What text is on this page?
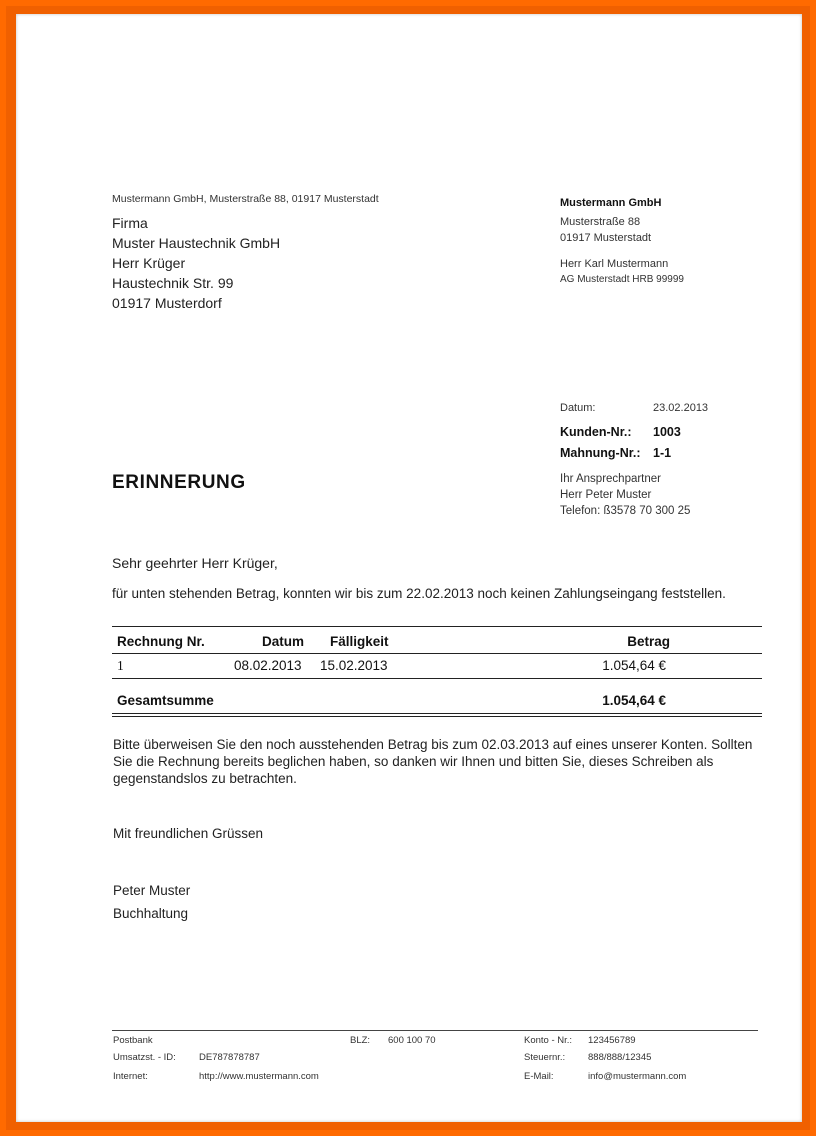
Mustermann GmbH, Musterstraße 88, 01917 Musterstadt
Firma
Muster Haustechnik GmbH
Herr Krüger
Haustechnik Str. 99
01917 Musterdorf
Mustermann GmbH
Musterstraße 88
01917 Musterstadt
Herr Karl Mustermann
AG Musterstadt HRB 99999
Datum:	23.02.2013
Kunden-Nr.: 1003
Mahnung-Nr.: 1-1
Ihr Ansprechpartner
Herr Peter Muster
Telefon: ß3578 70 300 25
ERINNERUNG
Sehr geehrter Herr Krüger,
für unten stehenden Betrag, konnten wir bis zum 22.02.2013 noch keinen Zahlungseingang feststellen.
Rechnung Nr.	Datum Fälligkeit	Betrag
1	08.02.2013 15.02.2013	1.054,64 €
Gesamtsumme	1.054,64 €
Bitte überweisen Sie den noch ausstehenden Betrag bis zum 02.03.2013 auf eines unserer Konten. Sollten Sie die Rechnung bereits beglichen haben, so danken wir Ihnen und bitten Sie, dieses Schreiben als gegenstandslos zu betrachten.
Mit freundlichen Grüssen
Peter Muster
Buchhaltung
Postbank	BLZ: 600 100 70	Konto - Nr.: 123456789
Umsatzst. - ID: DE787878787	Steuernr.: 888/888/12345
Internet:	http://www.mustermann.com	E-Mail:	info@mustermann.com
